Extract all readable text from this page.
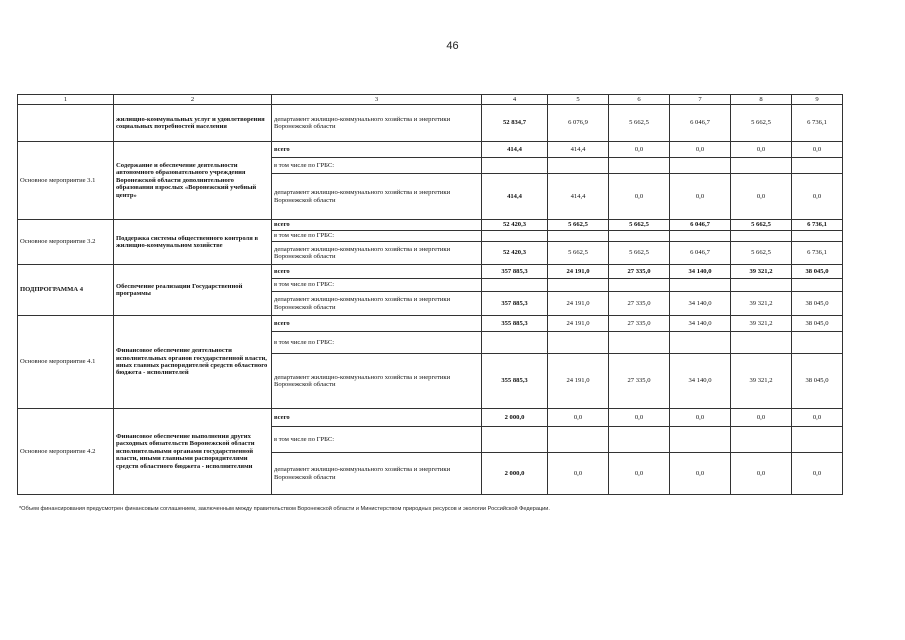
46
1	2	3	4	5	6	7	8	9
	жилищно-коммунальных услуг и удовлетворения социальных потребностей населения	департамент жилищно-коммунального хозяйства и энергетики Воронежской области	52 834,7	6 076,9	5 662,5	6 046,7	5 662,5	6 736,1
Основное мероприятие 3.1	Содержание и обеспечение деятельности автономного образовательного учреждения Воронежской области дополнительного образования взрослых «Воронежский учебный центр»	всего	414,4	414,4	0,0	0,0	0,0	0,0
		в том числе по ГРБС:						
		департамент жилищно-коммунального хозяйства и энергетики Воронежской области	414,4	414,4	0,0	0,0	0,0	0,0
Основное мероприятие 3.2	Поддержка системы общественного контроля в жилищно-коммунальном хозяйстве	всего	52 420,3	5 662,5	5 662,5	6 046,7	5 662,5	6 736,1
		в том числе по ГРБС:						
		департамент жилищно-коммунального хозяйства и энергетики Воронежской области	52 420,3	5 662,5	5 662,5	6 046,7	5 662,5	6 736,1
ПОДПРОГРАММА 4	Обеспечение реализации Государственной программы	всего	357 885,3	24 191,0	27 335,0	34 140,0	39 321,2	38 045,0
		в том числе по ГРБС:						
		департамент жилищно-коммунального хозяйства и энергетики Воронежской области	357 885,3	24 191,0	27 335,0	34 140,0	39 321,2	38 045,0
Основное мероприятие 4.1	Финансовое обеспечение деятельности исполнительных органов государственной власти, иных главных распорядителей средств областного бюджета - исполнителей	всего	355 885,3	24 191,0	27 335,0	34 140,0	39 321,2	38 045,0
		в том числе по ГРБС:						
		департамент жилищно-коммунального хозяйства и энергетики Воронежской области	355 885,3	24 191,0	27 335,0	34 140,0	39 321,2	38 045,0
Основное мероприятие 4.2	Финансовое обеспечение выполнения других расходных обязательств Воронежской области исполнительными органами государственной власти, иными главными распорядителями средств областного бюджета - исполнителями	всего	2 000,0	0,0	0,0	0,0	0,0	0,0
		в том числе по ГРБС:						
		департамент жилищно-коммунального хозяйства и энергетики Воронежской области	2 000,0	0,0	0,0	0,0	0,0	0,0
*Объем финансирования предусмотрен финансовым соглашением, заключенным между правительством Воронежской области и Министерством природных ресурсов и экологии Российской Федерации.
